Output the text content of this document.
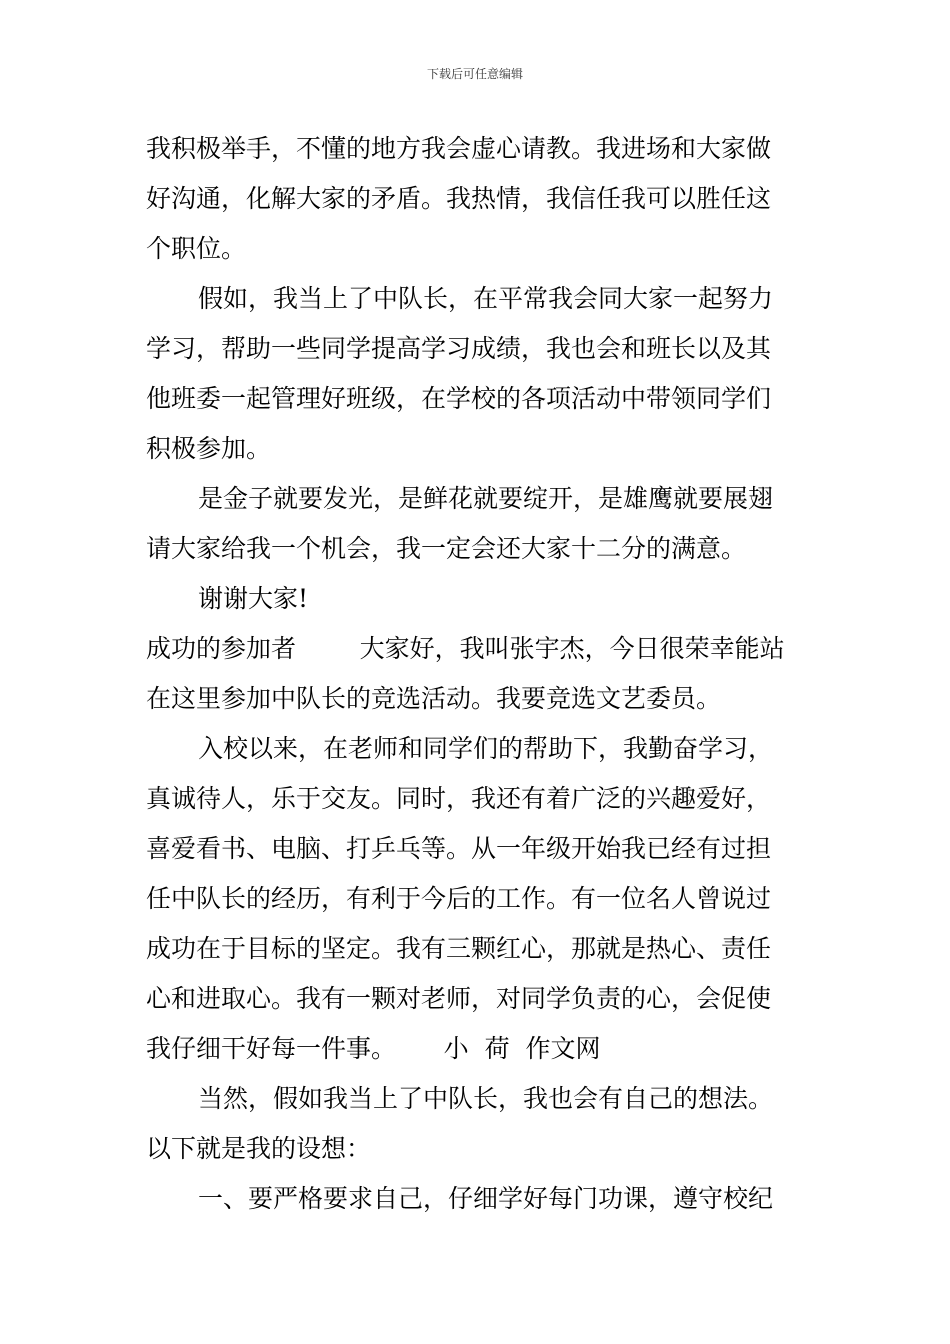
下载后可任意编辑
我积极举手，不懂的地方我会虚心请教。我进场和大家做
好沟通，化解大家的矛盾。我热情，我信任我可以胜任这
个职位。
假如，我当上了中队长，在平常我会同大家一起努力
学习，帮助一些同学提高学习成绩，我也会和班长以及其
他班委一起管理好班级，在学校的各项活动中带领同学们
积极参加。
是金子就要发光，是鲜花就要绽开，是雄鹰就要展翅
请大家给我一个机会，我一定会还大家十二分的满意。
谢谢大家!
成功的参加者        大家好，我叫张宇杰，今日很荣幸能站
在这里参加中队长的竞选活动。我要竞选文艺委员。
入校以来，在老师和同学们的帮助下，我勤奋学习，
真诚待人，乐于交友。同时，我还有着广泛的兴趣爱好，
喜爱看书、电脑、打乒乓等。从一年级开始我已经有过担
任中队长的经历，有利于今后的工作。有一位名人曾说过
成功在于目标的坚定。我有三颗红心，那就是热心、责任
心和进取心。我有一颗对老师，对同学负责的心，会促使
我仔细干好每一件事。      小  荷  作文网
当然，假如我当上了中队长，我也会有自己的想法。
以下就是我的设想：
一、要严格要求自己，仔细学好每门功课，遵守校纪
